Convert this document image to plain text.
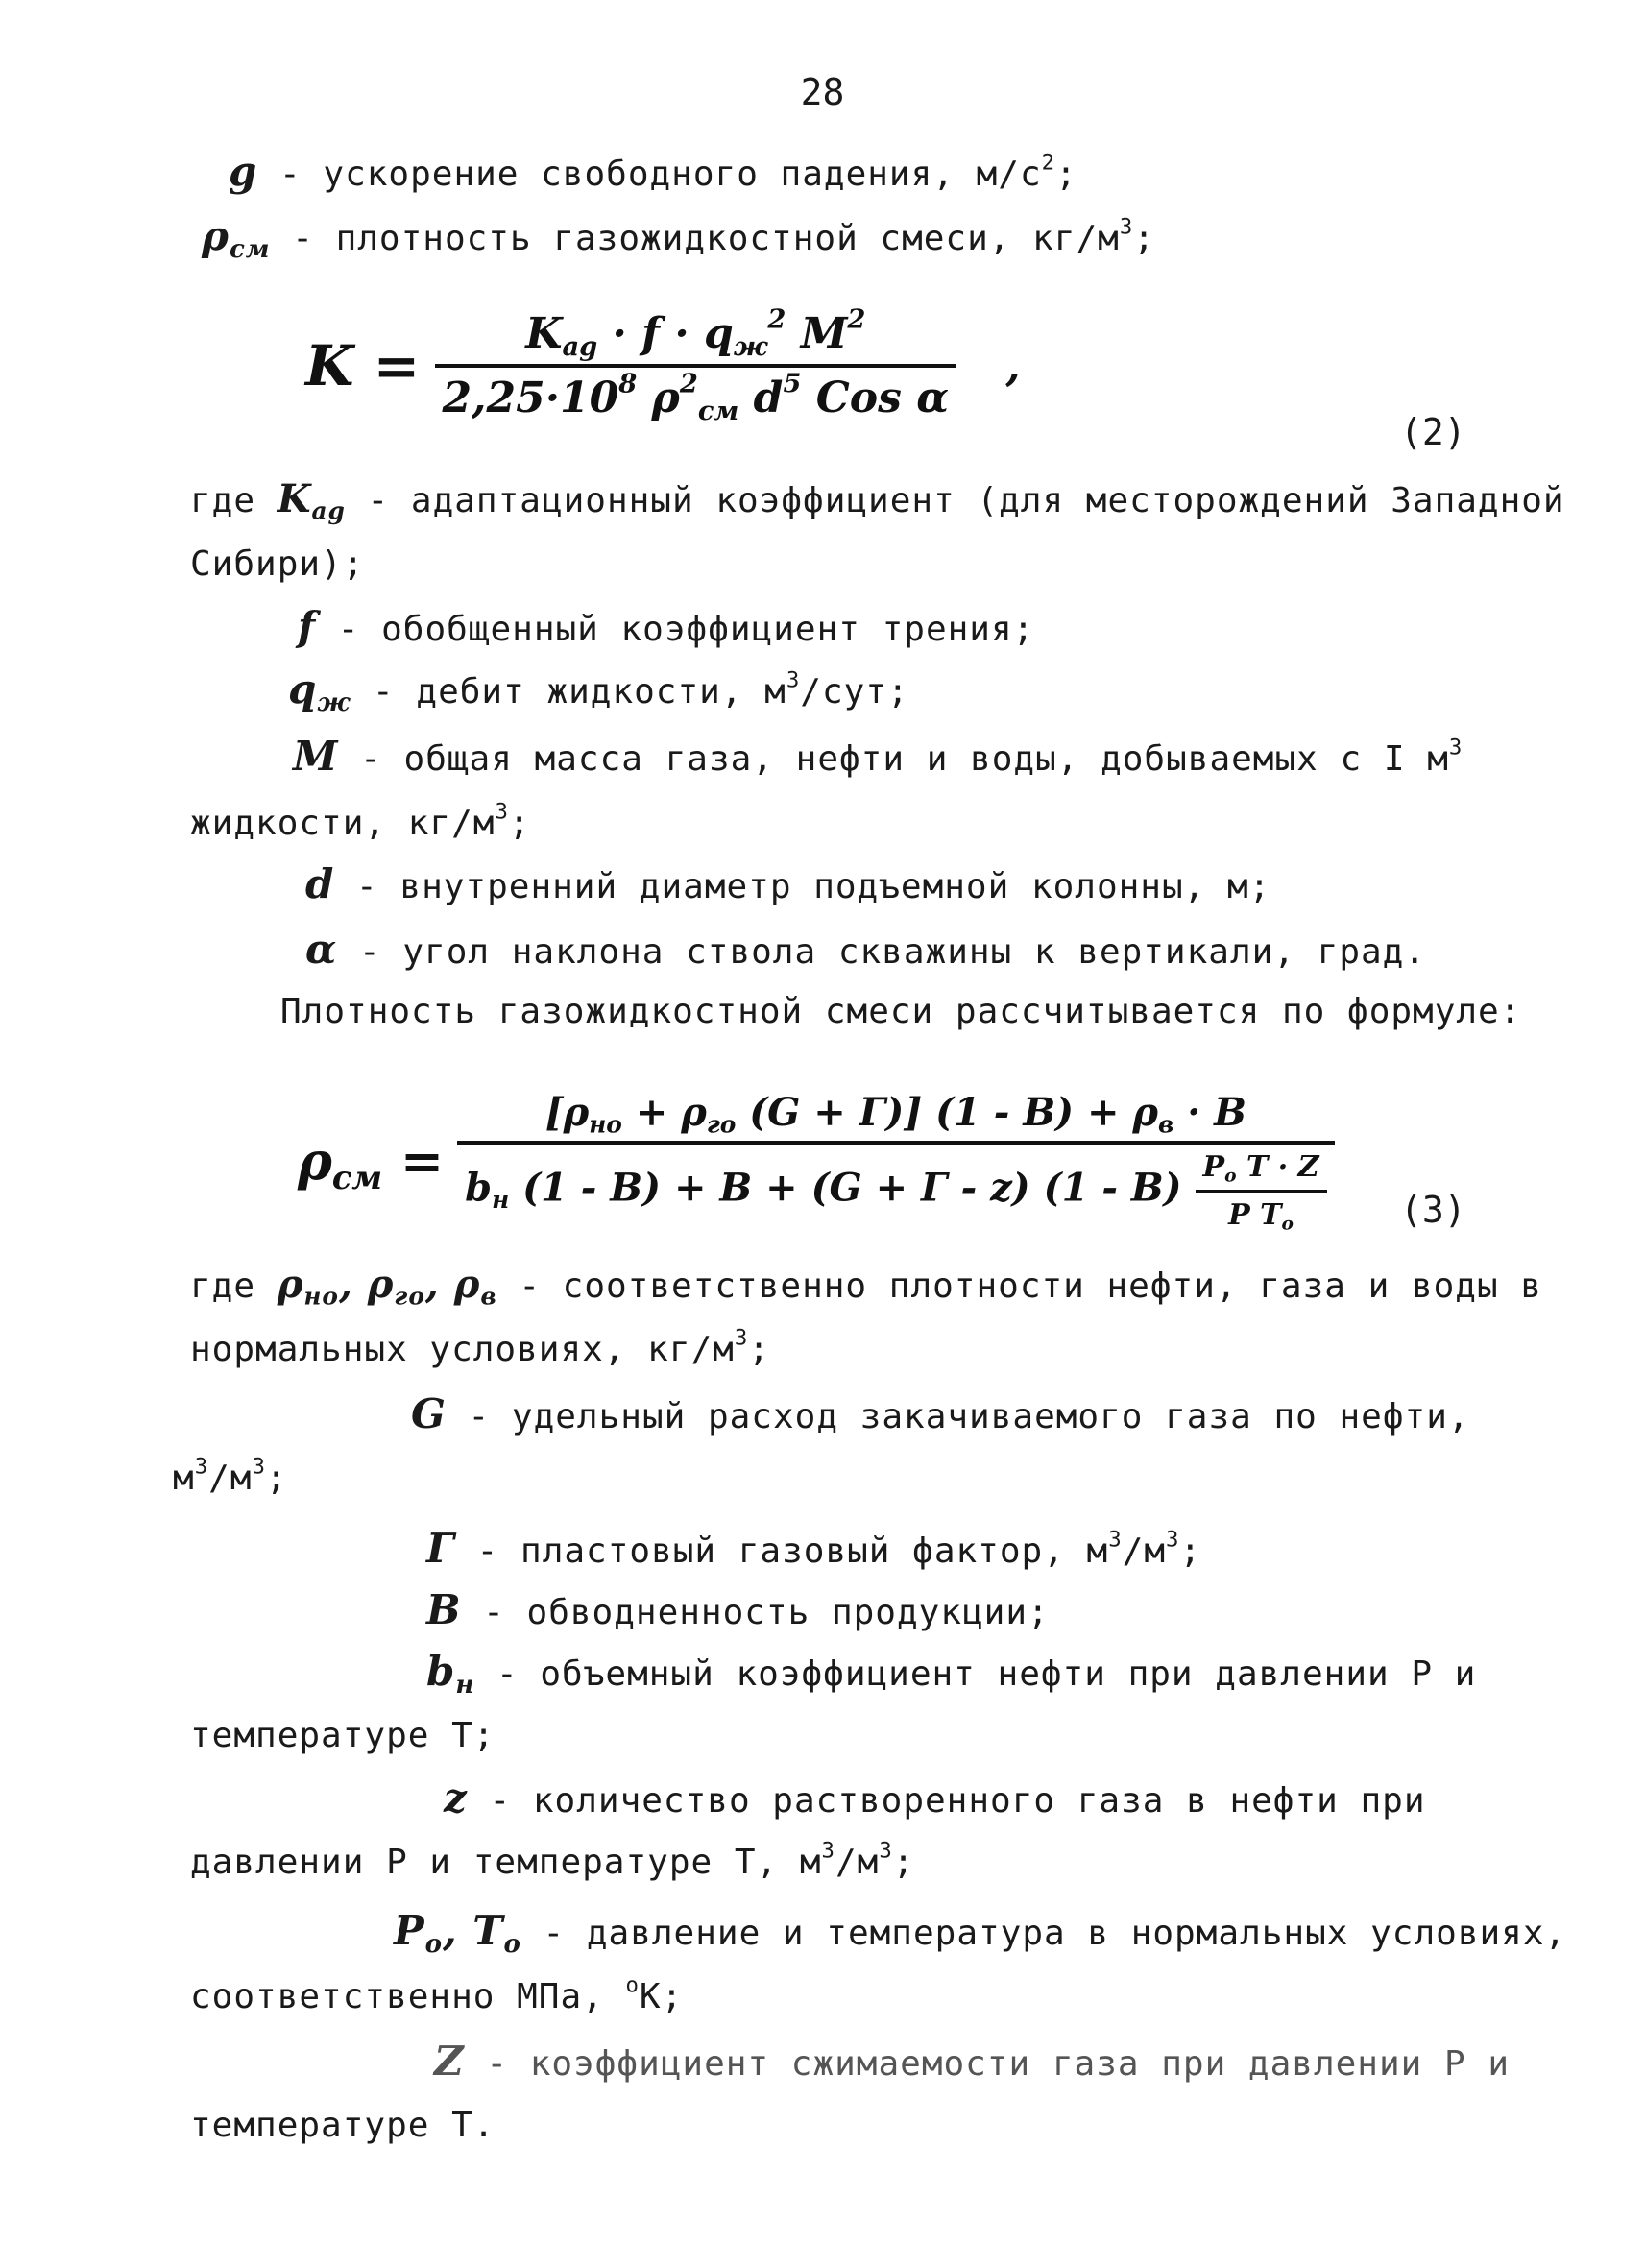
28
g - ускорение свободного падения, $м/с^2$;
$\rho_{см}$ - плотность газожидкостной смеси, $кг/м^3$;
$K = \frac{K_{ag} \cdot f \cdot q_ж^2 M^2}{2,25\cdot 10^8 \rho^2_{см} d^5 Cos \alpha}$ ,
(2)
где $K_{ag}$ - адаптационный коэффициент (для месторождений Западной
Сибири);
f - обобщенный коэффициент трения;
$q_ж$ - дебит жидкости, $м^3$/сут;
M - общая масса газа, нефти и воды, добываемых с I $м^3$
жидкости, $кг/м^3$;
d - внутренний диаметр подъемной колонны, м;
α - угол наклона ствола скважины к вертикали, град.
Плотность газожидкостной смеси рассчитывается по формуле:
$\rho_{см} = \frac{[\rho_{но} + \rho_{го} (G + Г)] (1 - B) + \rho_в \cdot B}{b_н (1 - B) + B + (G + Г - z) (1 - B) \frac{P_o T \cdot Z}{P T_o}} (3)$
где $\rho_{но}$, $\rho_{го}$, $\rho_в$ - соответственно плотности нефти, газа и воды в
нормальных условиях, $кг/м^3$;
G - удельный расход закачиваемого газа по нефти,
$м^3/м^3$;
Г - пластовый газовый фактор, $м^3/м^3$;
B - обводненность продукции;
$b_н$ - объемный коэффициент нефти при давлении P и
температуре T;
z - количество растворенного газа в нефти при
давлении P и температуре T, $м^3/м^3$;
$P_o$, $T_o$ - давление и температура в нормальных условиях,
соответственно МПа, $^o$К;
Z - коэффициент сжимаемости газа при давлении P и
температуре T.
